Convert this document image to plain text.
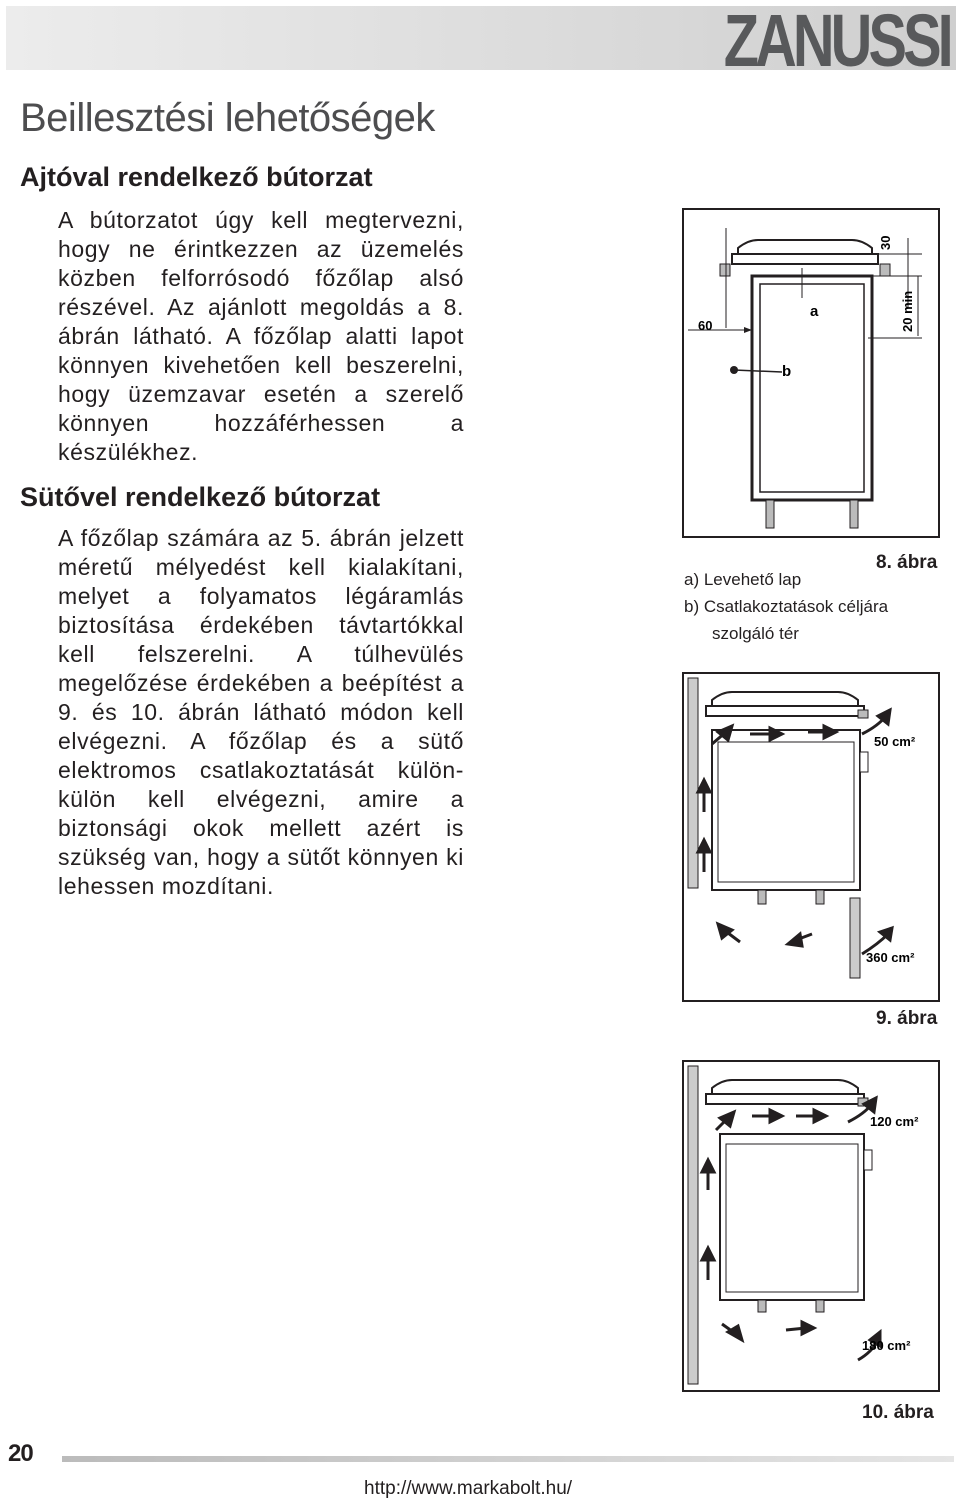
ZANUSSI
Beillesztési lehetőségek
Ajtóval rendelkező bútorzat
A bútorzatot úgy kell megtervezni, hogy ne érintkezzen az üzemelés közben felforrósodó főzőlap alsó részével. Az ajánlott megoldás a 8. ábrán látható. A főzőlap alatti lapot könnyen kivehetően kell beszerelni, hogy üzemzavar esetén a szerelő könnyen hozzáférhessen a készülékhez.
Sütővel rendelkező bútorzat
A főzőlap számára az 5. ábrán jelzett méretű mélyedést kell kialakítani, melyet a folyamatos légáramlás biztosítása érdekében távtartókkal kell felszerelni. A túlhevülés megelőzése érdekében a beépítést a 9. és 10. ábrán látható módon kell elvégezni. A főzőlap és a sütő elektromos csatlakoztatását külön-külön kell elvégezni, amire a biztonsági okok mellett azért is szükség van, hogy a sütőt könnyen ki lehessen mozdítani.
60
a
b
30
20 min
8. ábra
a) Levehető lap
b) Csatlakoztatások céljára
szolgáló tér
50 cm²
360 cm²
9. ábra
120 cm²
180 cm²
10. ábra
20
http://www.markabolt.hu/
